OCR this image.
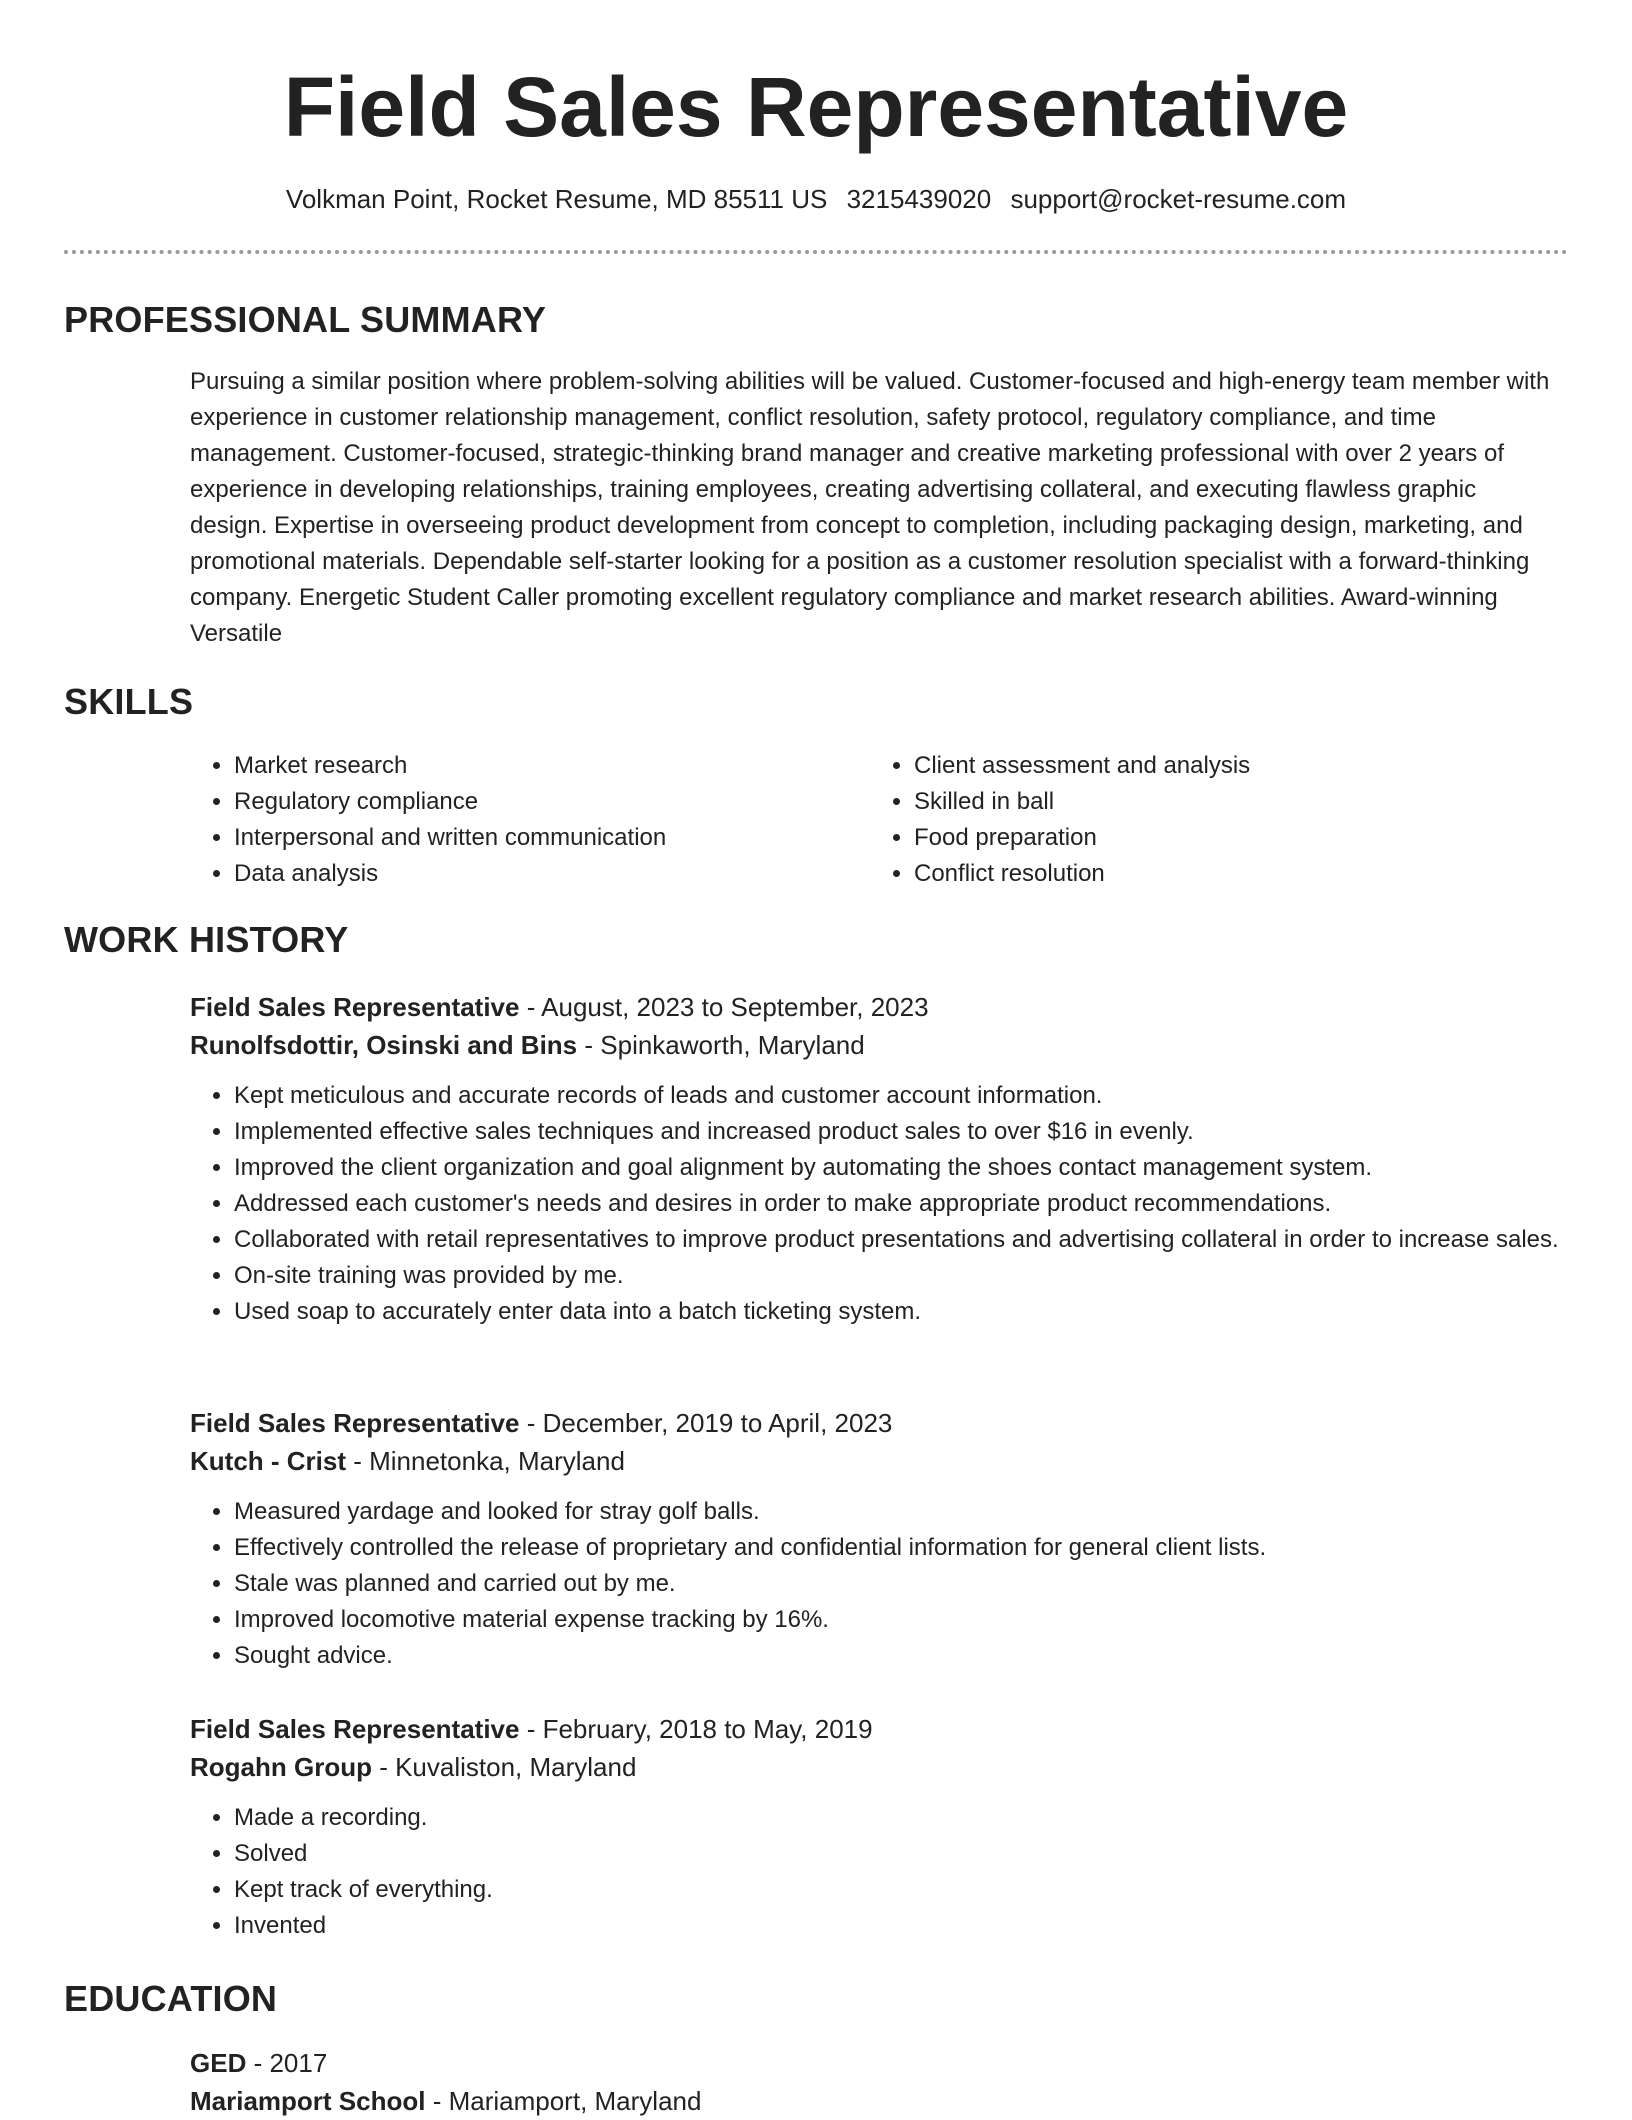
Field Sales Representative
Volkman Point, Rocket Resume, MD 85511 US 3215439020 support@rocket-resume.com
PROFESSIONAL SUMMARY

Pursuing a similar position where problem-solving abilities will be valued. Customer-focused and high-energy team member with experience in customer relationship management, conflict resolution, safety protocol, regulatory compliance, and time management. Customer-focused, strategic-thinking brand manager and creative marketing professional with over 2 years of experience in developing relationships, training employees, creating advertising collateral, and executing flawless graphic design. Expertise in overseeing product development from concept to completion, including packaging design, marketing, and promotional materials. Dependable self-starter looking for a position as a customer resolution specialist with a forward-thinking company. Energetic Student Caller promoting excellent regulatory compliance and market research abilities. Award-winning Versatile

SKILLS
• Market research
• Regulatory compliance
• Interpersonal and written communication
• Data analysis
• Client assessment and analysis
• Skilled in ball
• Food preparation
• Conflict resolution
WORK HISTORY

Field Sales Representative - August, 2023 to September, 2023

Runolfsdottir, Osinski and Bins - Spinkaworth, Maryland

• Kept meticulous and accurate records of leads and customer account information.
• Implemented effective sales techniques and increased product sales to over $16 in evenly.
• Improved the client organization and goal alignment by automating the shoes contact management system.
• Addressed each customer's needs and desires in order to make appropriate product recommendations.
• Collaborated with retail representatives to improve product presentations and advertising collateral in order to increase sales.
• On-site training was provided by me.
• Used soap to accurately enter data into a batch ticketing system.

Field Sales Representative - December, 2019 to April, 2023

Kutch - Crist - Minnetonka, Maryland

• Measured yardage and looked for stray golf balls.
• Effectively controlled the release of proprietary and confidential information for general client lists.
• Stale was planned and carried out by me.
• Improved locomotive material expense tracking by 16%.
• Sought advice.

Field Sales Representative - February, 2018 to May, 2019

Rogahn Group - Kuvaliston, Maryland

• Made a recording.
• Solved
• Kept track of everything.
• Invented
EDUCATION

GED - 2017

Mariamport School - Mariamport, Maryland
